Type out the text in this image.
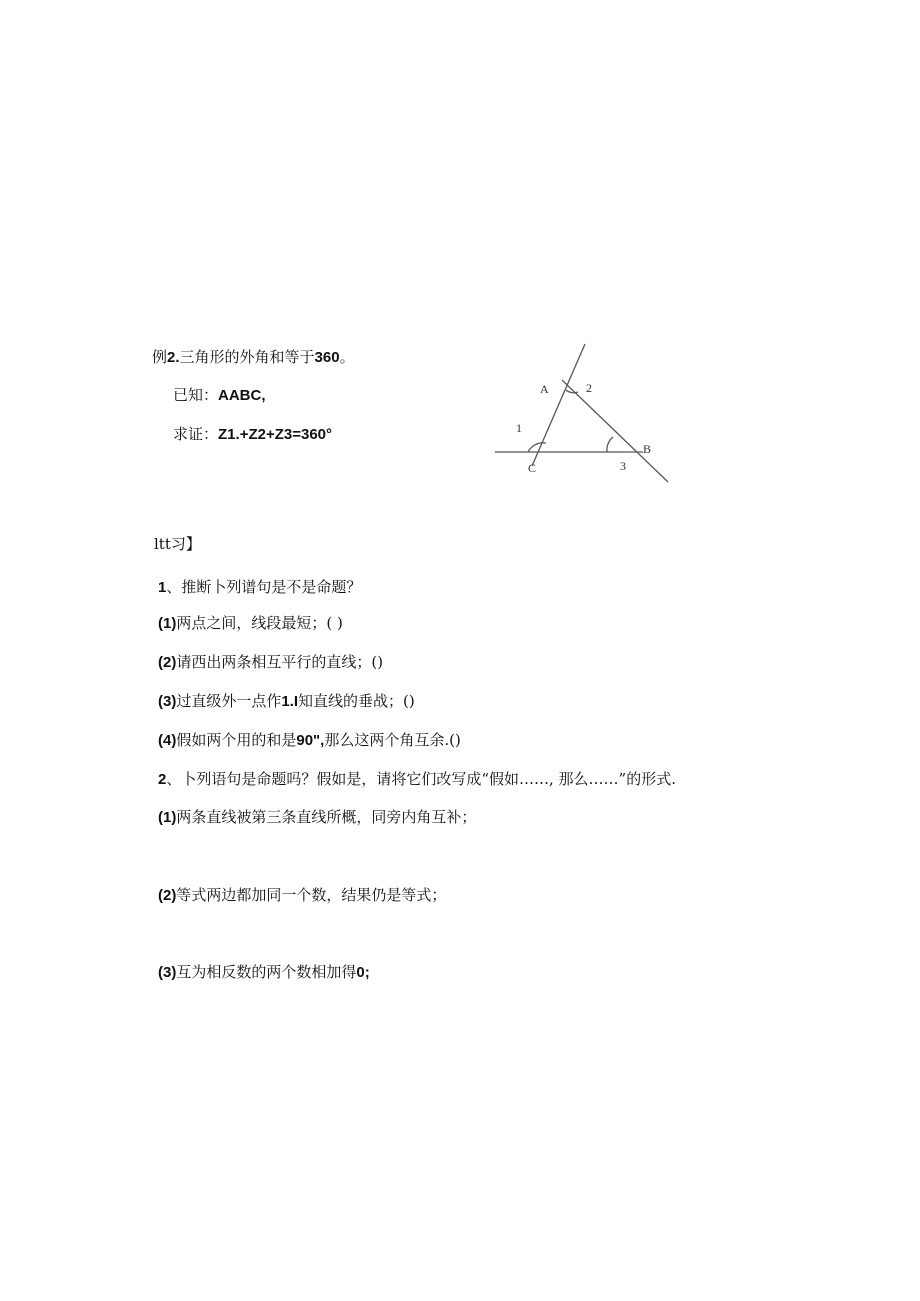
例2.三角形的外角和等于360。
已知：AABC,
求证：Z1.+Z2+Z3=360°
A
B
C
1
2
3
ltt习】
1、推断卜列谱句是不是命题？
(1)两点之间，线段最短；( )
(2)请西出两条相互平行的直线；()
(3)过直级外一点作1.I知直线的垂战；()
(4)假如两个用的和是90",那么这两个角互余.()
2、卜列语句是命题吗？假如是，请将它们改写成“假如……, 那么……”的形式.
(1)两条直线被第三条直线所概，同旁内角互补；
(2)等式两边都加同一个数，结果仍是等式；
(3)互为相反数的两个数相加得0;
